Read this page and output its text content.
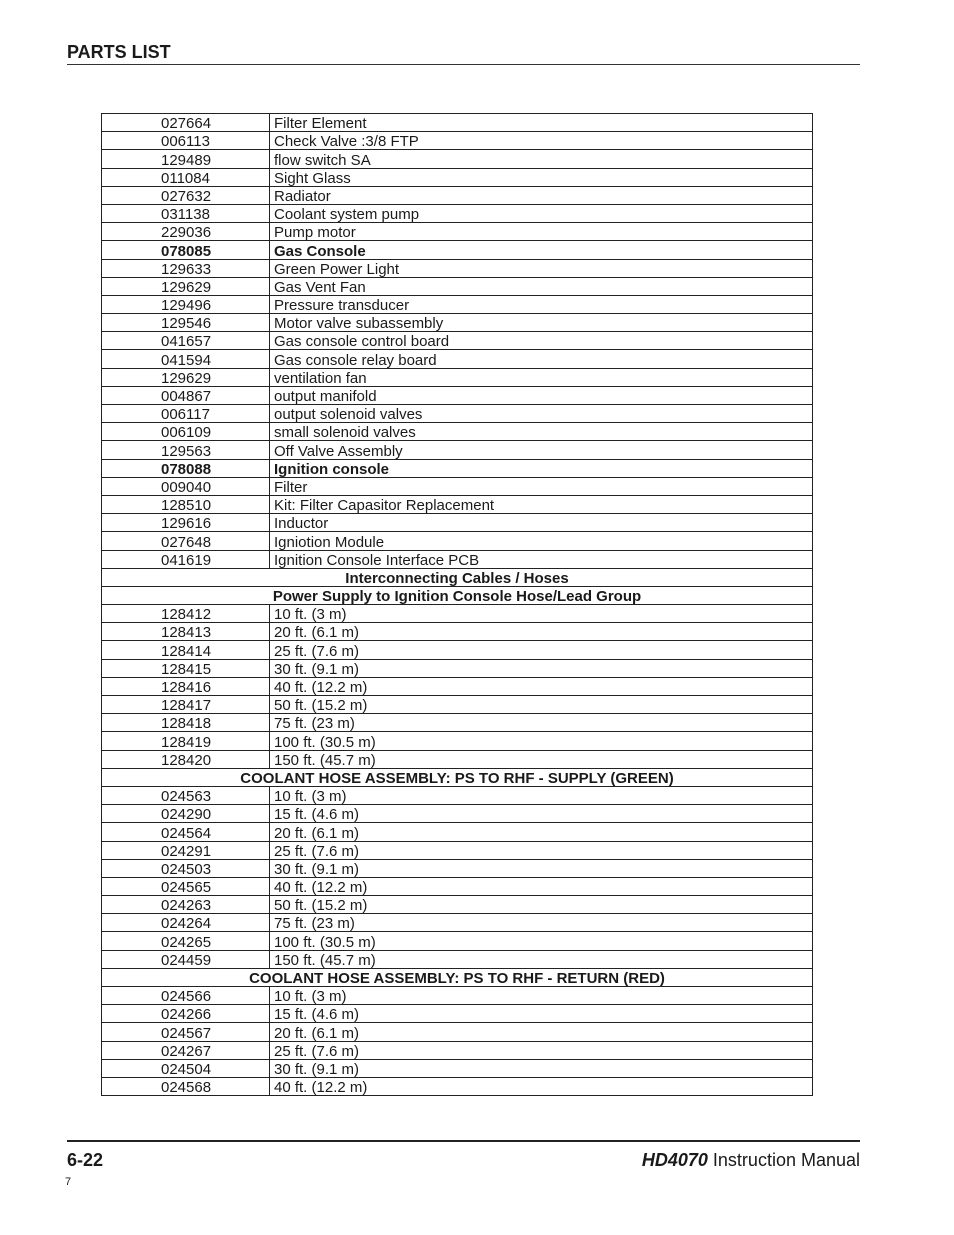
PARTS LIST
027664	Filter Element
006113	Check Valve :3/8 FTP
129489	flow switch SA
011084	Sight Glass
027632	Radiator
031138	Coolant system pump
229036	Pump motor
078085	Gas Console
129633	Green Power Light
129629	Gas Vent Fan
129496	Pressure transducer
129546	Motor valve subassembly
041657	Gas console control board
041594	Gas console relay board
129629	ventilation fan
004867	output manifold
006117	output solenoid valves
006109	small solenoid valves
129563	Off Valve Assembly
078088	Ignition console
009040	Filter
128510	Kit: Filter Capasitor Replacement
129616	Inductor
027648	Igniotion Module
041619	Ignition Console Interface PCB
Interconnecting Cables / Hoses	
Power Supply to Ignition Console Hose/Lead Group	
128412	10 ft. (3 m)
128413	20 ft. (6.1 m)
128414	25 ft. (7.6 m)
128415	30 ft. (9.1 m)
128416	40 ft. (12.2 m)
128417	50 ft. (15.2 m)
128418	75 ft. (23 m)
128419	100 ft. (30.5 m)
128420	150 ft. (45.7 m)
COOLANT HOSE ASSEMBLY: PS TO RHF - SUPPLY (GREEN)	
024563	10 ft. (3 m)
024290	15 ft. (4.6 m)
024564	20 ft. (6.1 m)
024291	25 ft. (7.6 m)
024503	30 ft. (9.1 m)
024565	40 ft. (12.2 m)
024263	50 ft. (15.2 m)
024264	75 ft. (23 m)
024265	100 ft. (30.5 m)
024459	150 ft. (45.7 m)
COOLANT HOSE ASSEMBLY: PS TO RHF - RETURN (RED)	
024566	10 ft. (3 m)
024266	15 ft. (4.6 m)
024567	20 ft. (6.1 m)
024267	25 ft. (7.6 m)
024504	30 ft. (9.1 m)
024568	40 ft. (12.2 m)
6-22	HD4070 Instruction Manual
7
